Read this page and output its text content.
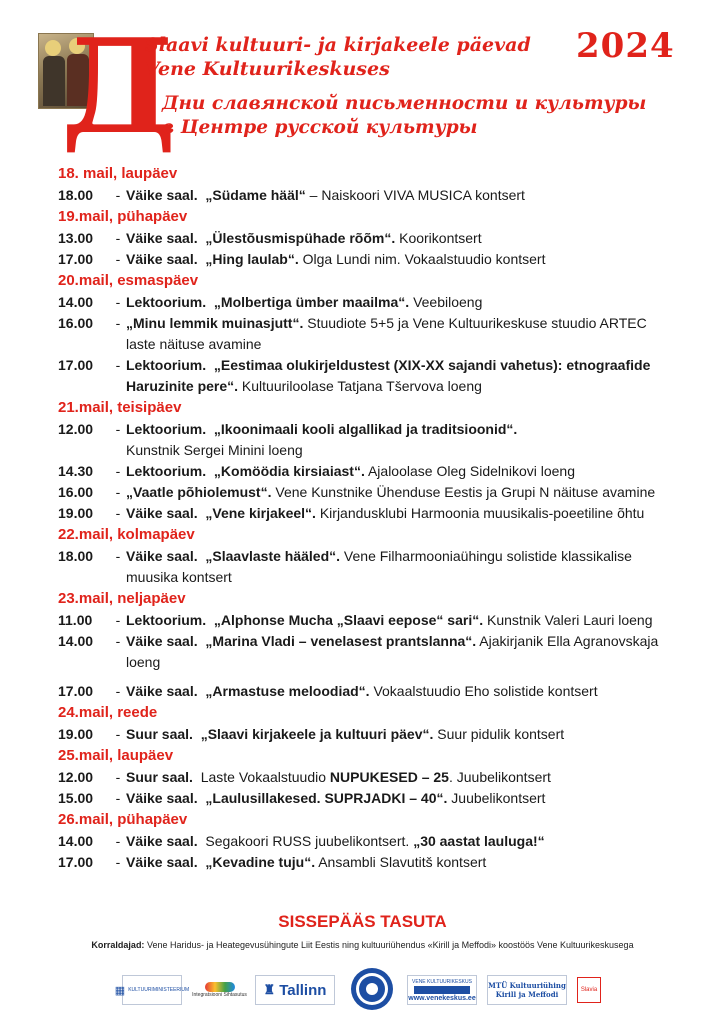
Д
Slaavi kultuuri- ja kirjakeele päevad
Vene Kultuurikeskuses
Дни славянской письменности и культуры
в Центре русской культуры
2024
18. mail, laupäev
18.00	- Väike saal. „Südame hääl“ – Naiskoori VIVA MUSICA kontsert
19.mail, pühapäev
13.00	- Väike saal. „Ülestõusmispühade rõõm“. Koorikontsert
17.00	- Väike saal. „Hing laulab“. Olga Lundi nim. Vokaalstuudio kontsert
20.mail, esmaspäev
14.00	- Lektoorium. „Molbertiga ümber maailma“. Veebiloeng
16.00	- „Minu lemmik muinasjutt“. Stuudiote 5+5 ja Vene Kultuurikeskuse stuudio ARTEC
laste näituse avamine
17.00	- Lektoorium. „Eestimaa olukirjeldustest (XIX-XX sajandi vahetus): etnograafide
Haruzinite pere“. Kultuuriloolase Tatjana Tšervova loeng
21.mail, teisipäev
12.00	- Lektoorium. „Ikoonimaali kooli algallikad ja traditsioonid“.
Kunstnik Sergei Minini loeng
14.30	- Lektoorium. „Komöödia kirsiaiast“. Ajaloolase Oleg Sidelnikovi loeng
16.00	- „Vaatle põhiolemust“. Vene Kunstnike Ühenduse Eestis ja Grupi N näituse avamine
19.00	- Väike saal. „Vene kirjakeel“. Kirjandusklubi Harmoonia muusikalis-poeetiline õhtu
22.mail, kolmapäev
18.00	- Väike saal. „Slaavlaste hääled“. Vene Filharmooniaühingu solistide klassikalise
muusika kontsert
23.mail, neljapäev
11.00	- Lektoorium. „Alphonse Mucha „Slaavi eepose“ sari“. Kunstnik Valeri Lauri loeng
14.00	- Väike saal. „Marina Vladi – venelasest prantslanna“. Ajakirjanik Ella Agranovskaja
loeng
17.00	- Väike saal. „Armastuse meloodiad“. Vokaalstuudio Eho solistide kontsert
24.mail, reede
19.00	- Suur saal. „Slaavi kirjakeele ja kultuuri päev“. Suur pidulik kontsert
25.mail, laupäev
12.00	- Suur saal.  Laste Vokaalstuudio NUPUKESED – 25. Juubelikontsert
15.00	- Väike saal. „Laulusillakesed. SUPRJADKI – 40“. Juubelikontsert
26.mail, pühapäev
14.00	- Väike saal.  Segakoori RUSS juubelikontsert. „30 aastat lauluga!“
17.00	- Väike saal. „Kevadine tuju“. Ansambli Slavutitš kontsert
SISSEPÄÄS TASUTA
Korraldajad: Vene Haridus- ja Heategevusühingute Liit Eestis ning kultuuriühendus «Kirill ja Meffodi» koostöös Vene Kultuurikeskusega
▦ KULTUURIMINISTEERIUM
Integratsiooni Sihtasutus ♜ Tallinn	VENE KULTUURIKESKUS
www.venekeskus.ee
MTÜ Kultuuriühing
Kirill ja Meffodi	Slavia
